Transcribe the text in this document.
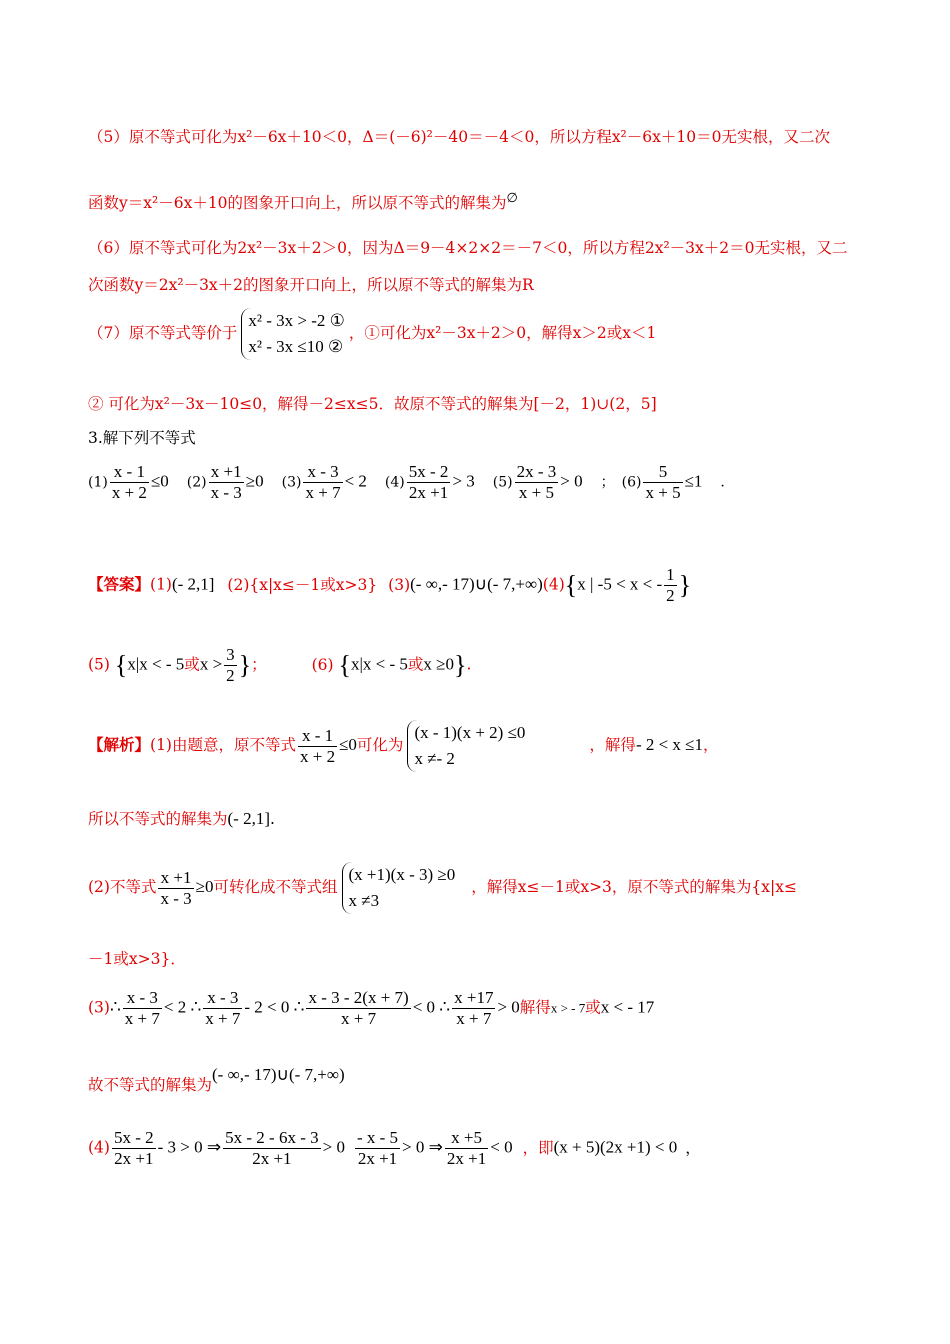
（5）原不等式可化为x²－6x＋10＜0，Δ＝(－6)²－40＝－4＜0，所以方程x²－6x＋10＝0无实根，又二次
函数y＝x²－6x＋10的图象开口向上，所以原不等式的解集为∅
（6）原不等式可化为2x²－3x＋2＞0，因为Δ＝9－4×2×2＝－7＜0，所以方程2x²－3x＋2＝0无实根，又二
次函数y＝2x²－3x＋2的图象开口向上，所以原不等式的解集为R
（7）原不等式等价于
x² - 3x > -2 ①
x² - 3x ≤10 ②
，①可化为x²－3x＋2＞0，解得x＞2或x＜1
② 可化为x²－3x－10≤0，解得－2≤x≤5．故原不等式的解集为[－2，1)∪(2，5]
3.解下列不等式
$(1) \frac{x - 1}{x + 2} \le 0$ $(2) \frac{x +1}{x - 3} \ge 0$ $(3) \frac{x - 3}{x + 7} < 2$ $(4) \frac{5x - 2}{2x +1} > 3$ $(5) \frac{2x - 3}{x + 5} > 0$ ；　$(6) \frac{5}{x + 5} \le 1$ .
【答案】(1)(- 2,1] (2){x|x≤－1或x>3} (3)(- ∞,- 17)∪(- 7,+∞)(4){x | -5 < x < - $\frac{1}{2}$ }
(5) {x|x < - 5或$x > \frac{3}{2}$ }；	(6) {x|x < - 5或x ≥0}.
【解析】(1)由题意，原不等式 $\frac{x - 1}{x + 2} \le 0$可化为
(x - 1)(x + 2) ≤0
x ≠- 2
，解得- 2 < x ≤1，
所以不等式的解集为(- 2,1].
(2)不等式 $\frac{x +1}{x - 3} \ge 0$可转化成不等式组
(x +1)(x - 3) ≥0
x ≠3
，解得x≤－1或x>3，原不等式的解集为{x|x≤
－1或x>3}．
(3)∴ $\frac{x - 3}{x + 7} < 2$ ∴ $\frac{x - 3}{x + 7} - 2 < 0$ ∴ $\frac{x - 3 - 2(x + 7)}{x + 7} < 0$ ∴ $\frac{x +17}{x + 7} > 0$解得x > - 7或x < - 17
故不等式的解集为(- ∞,- 17)∪(- 7,+∞)
$(4) \frac{5x - 2}{2x +1} - 3 > 0$ ⇒ $\frac{5x - 2 - 6x - 3}{2x +1} > 0 \frac{- x - 5}{2x +1} > 0$ ⇒ $\frac{x +5}{2x +1} < 0$ ，即(x + 5)(2x +1) < 0 ，
